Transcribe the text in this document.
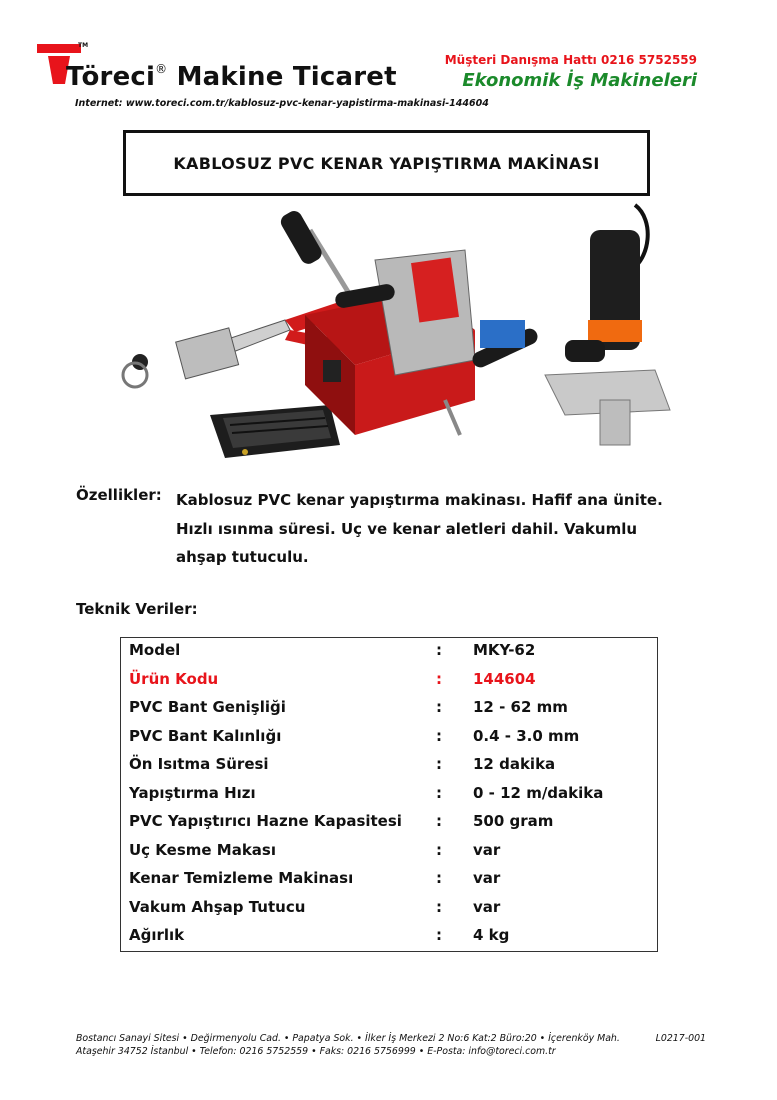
TM
Töreci® Makine Ticaret
Internet: www.toreci.com.tr/kablosuz-pvc-kenar-yapistirma-makinasi-144604
Müşteri Danışma Hattı 0216 5752559
Ekonomik İş Makineleri
KABLOSUZ PVC KENAR YAPIŞTIRMA MAKİNASI
Özellikler: Kablosuz PVC kenar yapıştırma makinası. Hafif ana ünite.
Hızlı ısınma süresi. Uç ve kenar aletleri dahil. Vakumlu
ahşap tutuculu.
Teknik Veriler:
Model	: MKY-62
Ürün Kodu	: 144604
PVC Bant Genişliği	: 12 - 62 mm
PVC Bant Kalınlığı	: 0.4 - 3.0 mm
Ön Isıtma Süresi	: 12 dakika
Yapıştırma Hızı	: 0 - 12 m/dakika
PVC Yapıştırıcı Hazne Kapasitesi : 500 gram
Uç Kesme Makası	: var
Kenar Temizleme Makinası	: var
Vakum Ahşap Tutucu	: var
Ağırlık	: 4 kg
Bostancı Sanayi Sitesi • Değirmenyolu Cad. • Papatya Sok. • İlker İş Merkezi 2 No:6 Kat:2 Büro:20 • İçerenköy Mah.
Ataşehir 34752 İstanbul • Telefon: 0216 5752559 • Faks: 0216 5756999 • E-Posta: info@toreci.com.tr
L0217-001
